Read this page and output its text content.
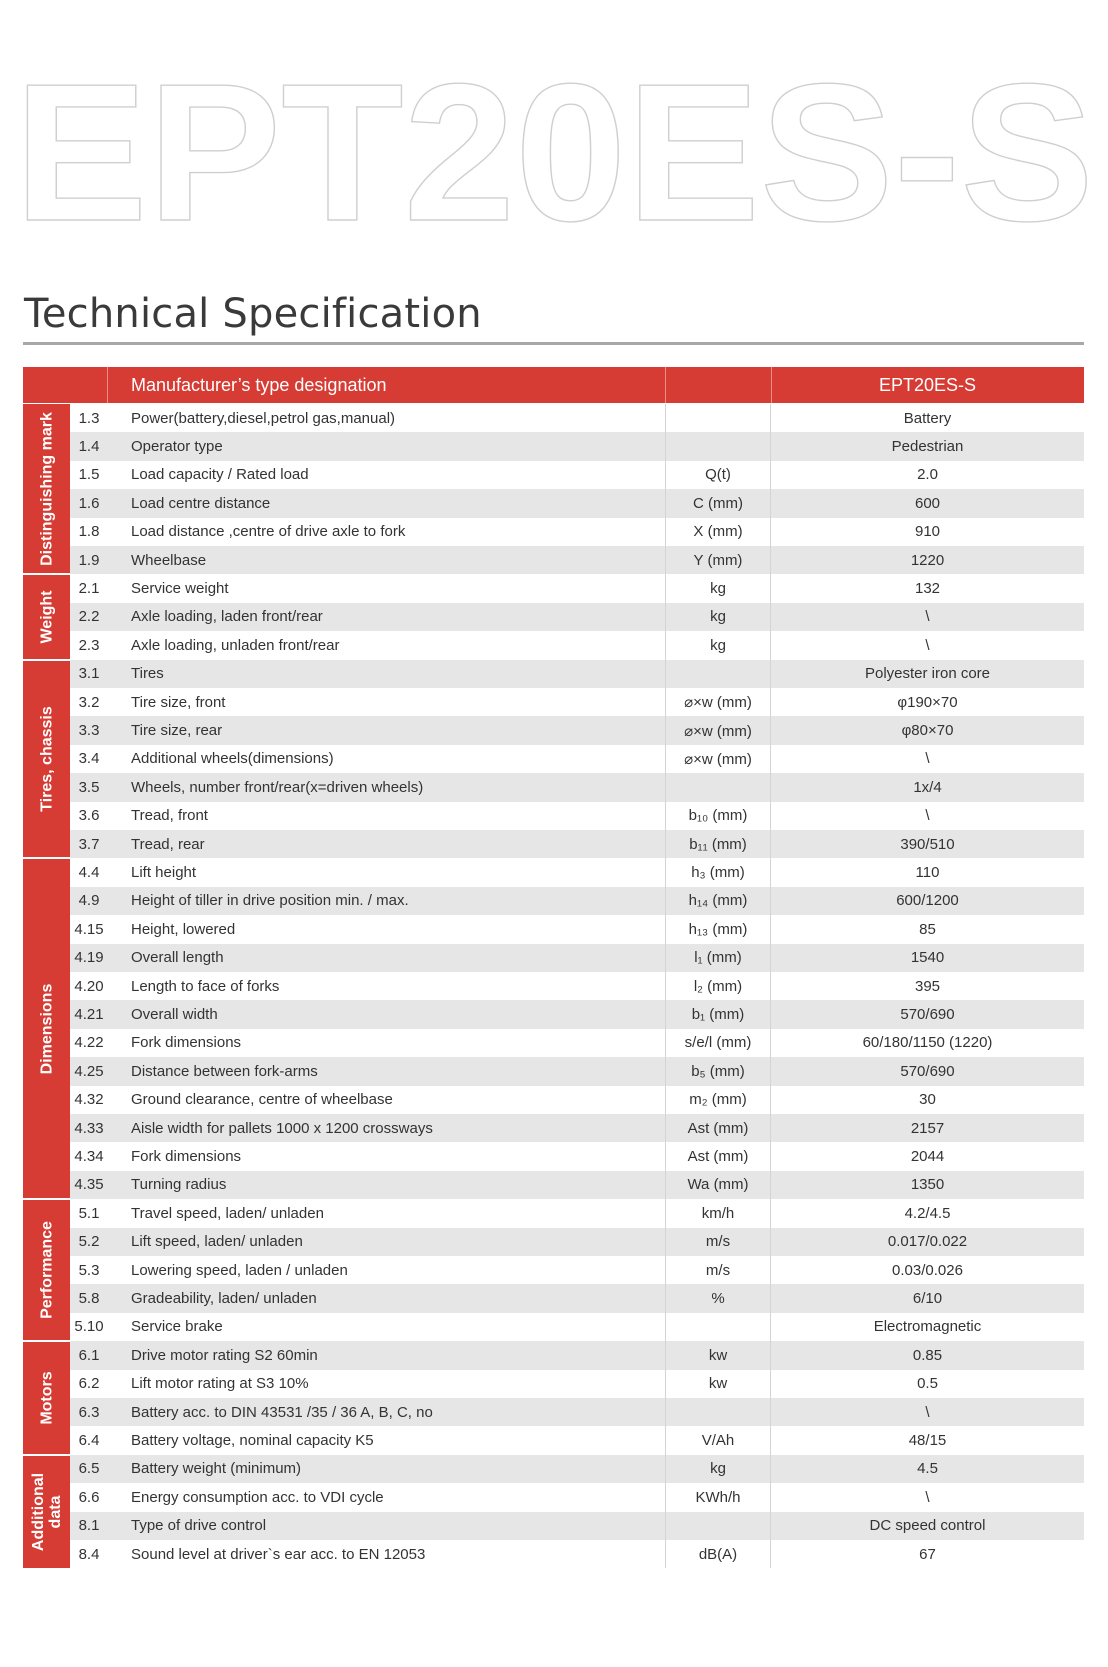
EPT20ES-S
Technical Specification
Manufacturer’s type designation	EPT20ES-S
1.3	Power(battery,diesel,petrol gas,manual)	Battery
1.4	Operator type	Pedestrian
1.5	Load capacity / Rated load	Q(t)	2.0
1.6	Load centre distance	C (mm)	600
1.8	Load distance ,centre of drive axle to fork	X (mm)	910
1.9	Wheelbase	Y (mm)	1220
2.1	Service weight	kg	132
2.2	Axle loading, laden front/rear	kg	\
2.3	Axle loading, unladen front/rear	kg	\
3.1	Tires	Polyester iron core
3.2	Tire size, front	⌀×w (mm)	φ190×70
3.3	Tire size, rear	⌀×w (mm)	φ80×70
3.4	Additional wheels(dimensions)	⌀×w (mm)	\
3.5	Wheels, number front/rear(x=driven wheels)	1x/4
3.6	Tread, front	b₁₀ (mm)	\
3.7	Tread, rear	b₁₁ (mm)	390/510
4.4	Lift height	h₃ (mm)	110
4.9	Height of tiller in drive position min. / max.	h₁₄ (mm)	600/1200
4.15	Height, lowered	h₁₃ (mm)	85
4.19	Overall length	l₁ (mm)	1540
4.20	Length to face of forks	l₂ (mm)	395
4.21	Overall width	b₁ (mm)	570/690
4.22	Fork dimensions	s/e/l (mm)	60/180/1150 (1220)
4.25	Distance between fork-arms	b₅ (mm)	570/690
4.32	Ground clearance, centre of wheelbase	m₂ (mm)	30
4.33	Aisle width for pallets 1000 x 1200 crossways	Ast (mm)	2157
4.34	Fork dimensions	Ast (mm)	2044
4.35	Turning radius	Wa (mm)	1350
5.1	Travel speed, laden/ unladen	km/h	4.2/4.5
5.2	Lift speed, laden/ unladen	m/s	0.017/0.022
5.3	Lowering speed, laden / unladen	m/s	0.03/0.026
5.8	Gradeability, laden/ unladen	%	6/10
5.10	Service brake	Electromagnetic
6.1	Drive motor rating S2 60min	kw	0.85
6.2	Lift motor rating at S3 10%	kw	0.5
6.3	Battery acc. to DIN 43531 /35 / 36 A, B, C, no	\
6.4	Battery voltage, nominal capacity K5	V/Ah	48/15
6.5	Battery weight (minimum)	kg	4.5
6.6	Energy consumption acc. to VDI cycle	KWh/h	\
8.1	Type of drive control	DC speed control
8.4	Sound level at driver`s ear acc. to EN 12053	dB(A)	67
Distinguishing mark
Weight
Tires, chassis
Dimensions
Performance
Motors
Additional
data
